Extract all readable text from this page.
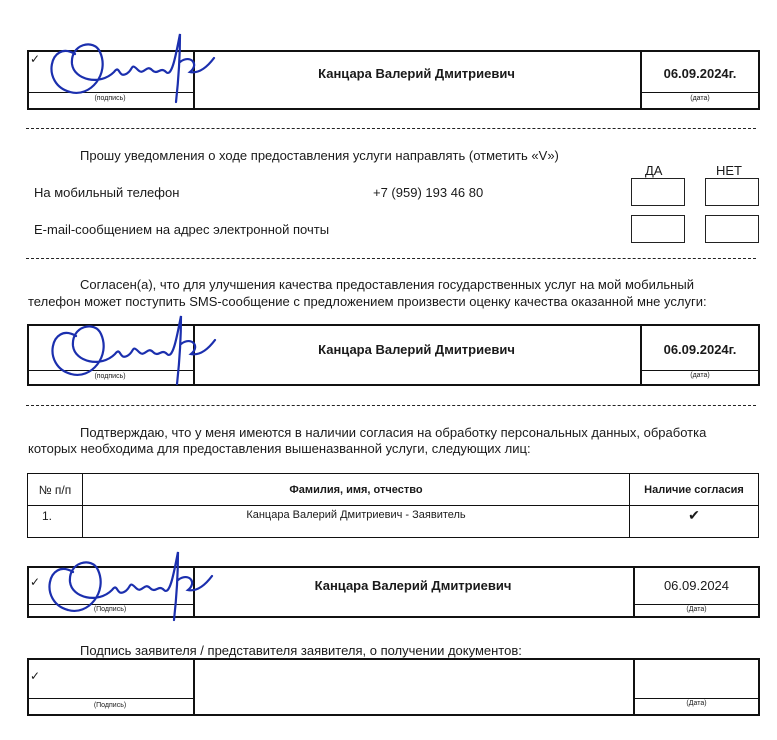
✓
(подпись)
Канцара Валерий Дмитриевич	06.09.2024г.
(дата)
Прошу уведомления о ходе предоставления услуги направлять (отметить «V»)
ДА	НЕТ
На мобильный телефон	+7 (959) 193 46 80
E-mail-сообщением на адрес электронной почты
Согласен(а), что для улучшения качества предоставления государственных услуг на мой мобильный
телефон может поступить SMS-сообщение с предложением произвести оценку качества оказанной мне услуги:
(подпись)
Канцара Валерий Дмитриевич	06.09.2024г.
(дата)
Подтверждаю, что у меня имеются в наличии согласия на обработку персональных данных, обработка
которых необходима для предоставления вышеназванной услуги, следующих лиц:
№ п/п	Фамилия, имя, отчество	Наличие согласия
1.	Канцара Валерий Дмитриевич - Заявитель	✔
✓
(Подпись)
Канцара Валерий Дмитриевич	06.09.2024
(Дата)
Подпись заявителя / представителя заявителя, о получении документов:
✓
(Подпись)	(Дата)
